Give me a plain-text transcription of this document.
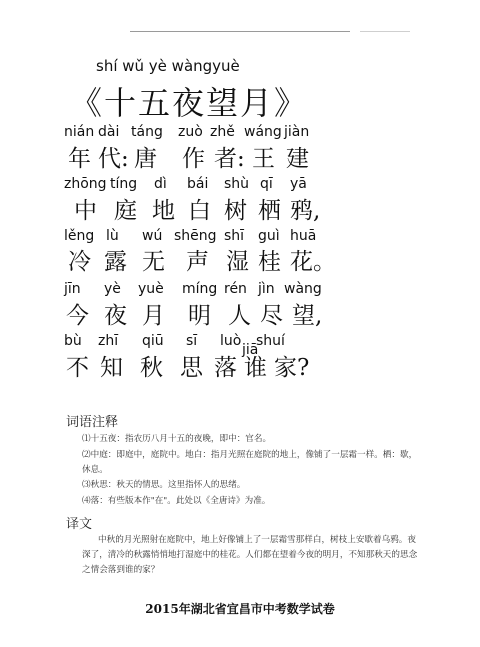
shí wǔ yè wàngyuè
《十五夜望月》
nián dài táng zuò zhě wáng jiàn
年 代: 唐 作 者: 王 建
zhōng tíng dì bái shù qī yā
中 庭 地 白 树 栖 鸦,
lěng lù wú shēng shī guì huā
冷 露 无 声 湿 桂 花。
jīn yè yuè míng rén jìn wàng
今 夜 月 明 人 尽 望,
bù zhī qiū sī luò shuí
jiā
不 知 秋 思 落 谁 家?
词语注释
⑴十五夜：指农历八月十五的夜晚，即中：官名。
⑵中庭：即庭中，庭院中。地白：指月光照在庭院的地上，像铺了一层霜一样。栖：歇，休息。
⑶秋思：秋天的情思。这里指怀人的思绪。
⑷落：有些版本作"在"。此处以《全唐诗》为准。
译文
中秋的月光照射在庭院中，地上好像铺上了一层霜雪那样白，树枝上安歇着乌鸦。夜深了，清冷的秋露悄悄地打湿庭中的桂花。人们都在望着今夜的明月，不知那秋天的思念之情会落到谁的家？
2015年湖北省宜昌市中考数学试卷
